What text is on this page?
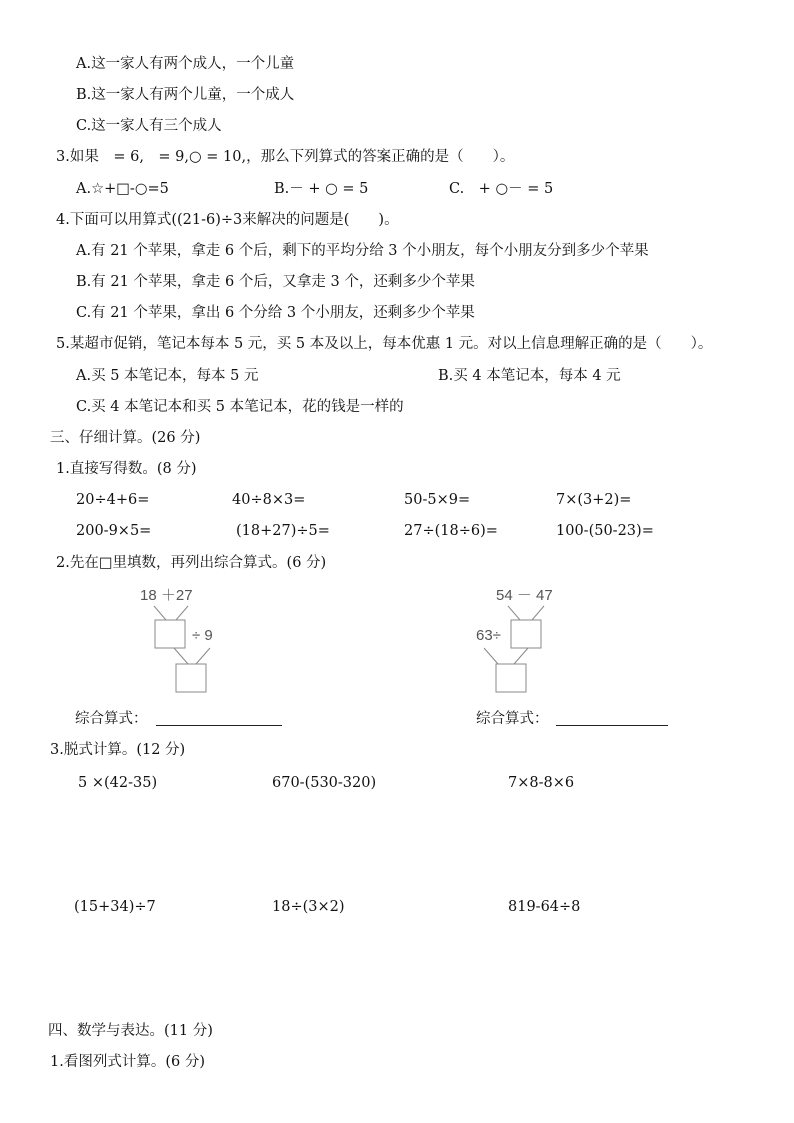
A.这一家人有两个成人，一个儿童
B.这一家人有两个儿童，一个成人
C.这一家人有三个成人
3.如果　= 6,　= 9,○ = 10,，那么下列算式的答案正确的是（　　）。
A.☆+□-○=5	B.－ + ○ = 5	C.　+ ○－ = 5
4.下面可以用算式((21-6)÷3来解决的问题是(　　)。
A.有 21 个苹果，拿走 6 个后，剩下的平均分给 3 个小朋友，每个小朋友分到多少个苹果
B.有 21 个苹果，拿走 6 个后，又拿走 3 个，还剩多少个苹果
C.有 21 个苹果，拿出 6 个分给 3 个小朋友，还剩多少个苹果
5.某超市促销，笔记本每本 5 元，买 5 本及以上，每本优惠 1 元。对以上信息理解正确的是（　　）。
A.买 5 本笔记本，每本 5 元	B.买 4 本笔记本，每本 4 元
C.买 4 本笔记本和买 5 本笔记本，花的钱是一样的
三、仔细计算。(26 分)
1.直接写得数。(8 分)
20÷4+6=	40÷8×3=	50-5×9=	7×(3+2)=
200-9×5=	(18+27)÷5=	27÷(18÷6)=	100-(50-23)=
2.先在□里填数，再列出综合算式。(6 分)
18 ＋27
÷ 9
54 － 47
63÷
综合算式：	综合算式：
3.脱式计算。(12 分)
5 ×(42-35)	670-(530-320)	7×8-8×6
(15+34)÷7	18÷(3×2)	819-64÷8
四、数学与表达。(11 分)
1.看图列式计算。(6 分)
